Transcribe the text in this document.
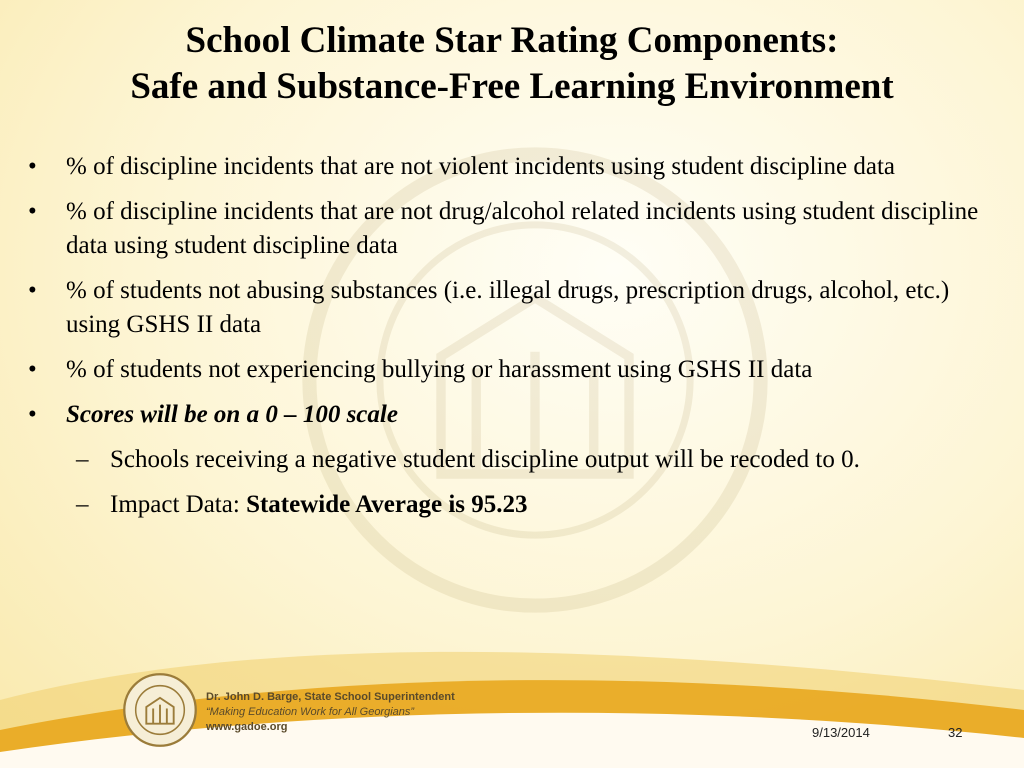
School Climate Star Rating Components:
Safe and Substance-Free Learning Environment
• % of discipline incidents that are not violent incidents using student discipline data
• % of discipline incidents that are not drug/alcohol related incidents using student discipline data using student discipline data
• % of students not abusing substances (i.e. illegal drugs, prescription drugs, alcohol, etc.) using GSHS II data
• % of students not experiencing bullying or harassment using GSHS II data
• Scores will be on a 0 – 100 scale
– Schools receiving a negative student discipline output will be recoded to 0.
– Impact Data: Statewide Average is 95.23
Dr. John D. Barge, State School Superintendent
“Making Education Work for All Georgians”
www.gadoe.org	9/13/2014	32
